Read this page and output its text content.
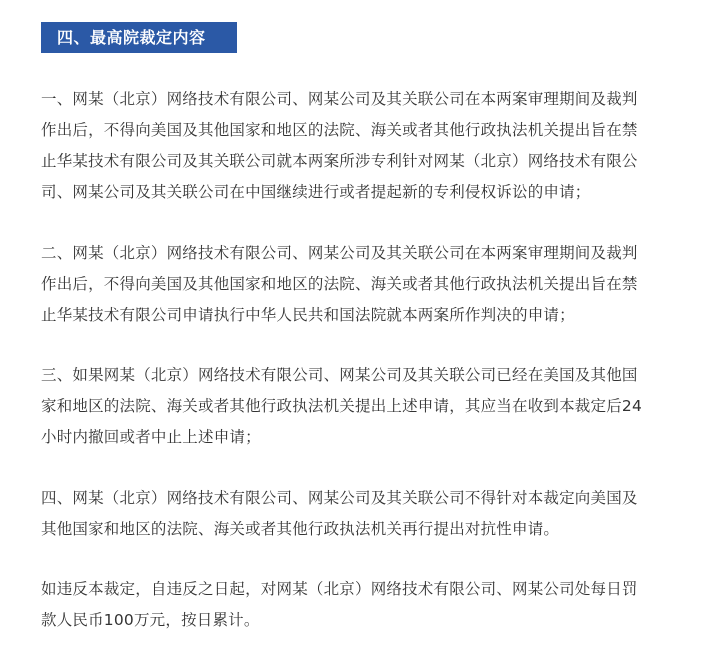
四、最高院裁定内容

一、网某（北京）网络技术有限公司、网某公司及其关联公司在本两案审理期间及裁判
作出后，不得向美国及其他国家和地区的法院、海关或者其他行政执法机关提出旨在禁
止华某技术有限公司及其关联公司就本两案所涉专利针对网某（北京）网络技术有限公
司、网某公司及其关联公司在中国继续进行或者提起新的专利侵权诉讼的申请；

二、网某（北京）网络技术有限公司、网某公司及其关联公司在本两案审理期间及裁判
作出后，不得向美国及其他国家和地区的法院、海关或者其他行政执法机关提出旨在禁
止华某技术有限公司申请执行中华人民共和国法院就本两案所作判决的申请；

三、如果网某（北京）网络技术有限公司、网某公司及其关联公司已经在美国及其他国
家和地区的法院、海关或者其他行政执法机关提出上述申请，其应当在收到本裁定后24
小时内撤回或者中止上述申请；

四、网某（北京）网络技术有限公司、网某公司及其关联公司不得针对本裁定向美国及
其他国家和地区的法院、海关或者其他行政执法机关再行提出对抗性申请。

如违反本裁定，自违反之日起，对网某（北京）网络技术有限公司、网某公司处每日罚
款人民币100万元，按日累计。
